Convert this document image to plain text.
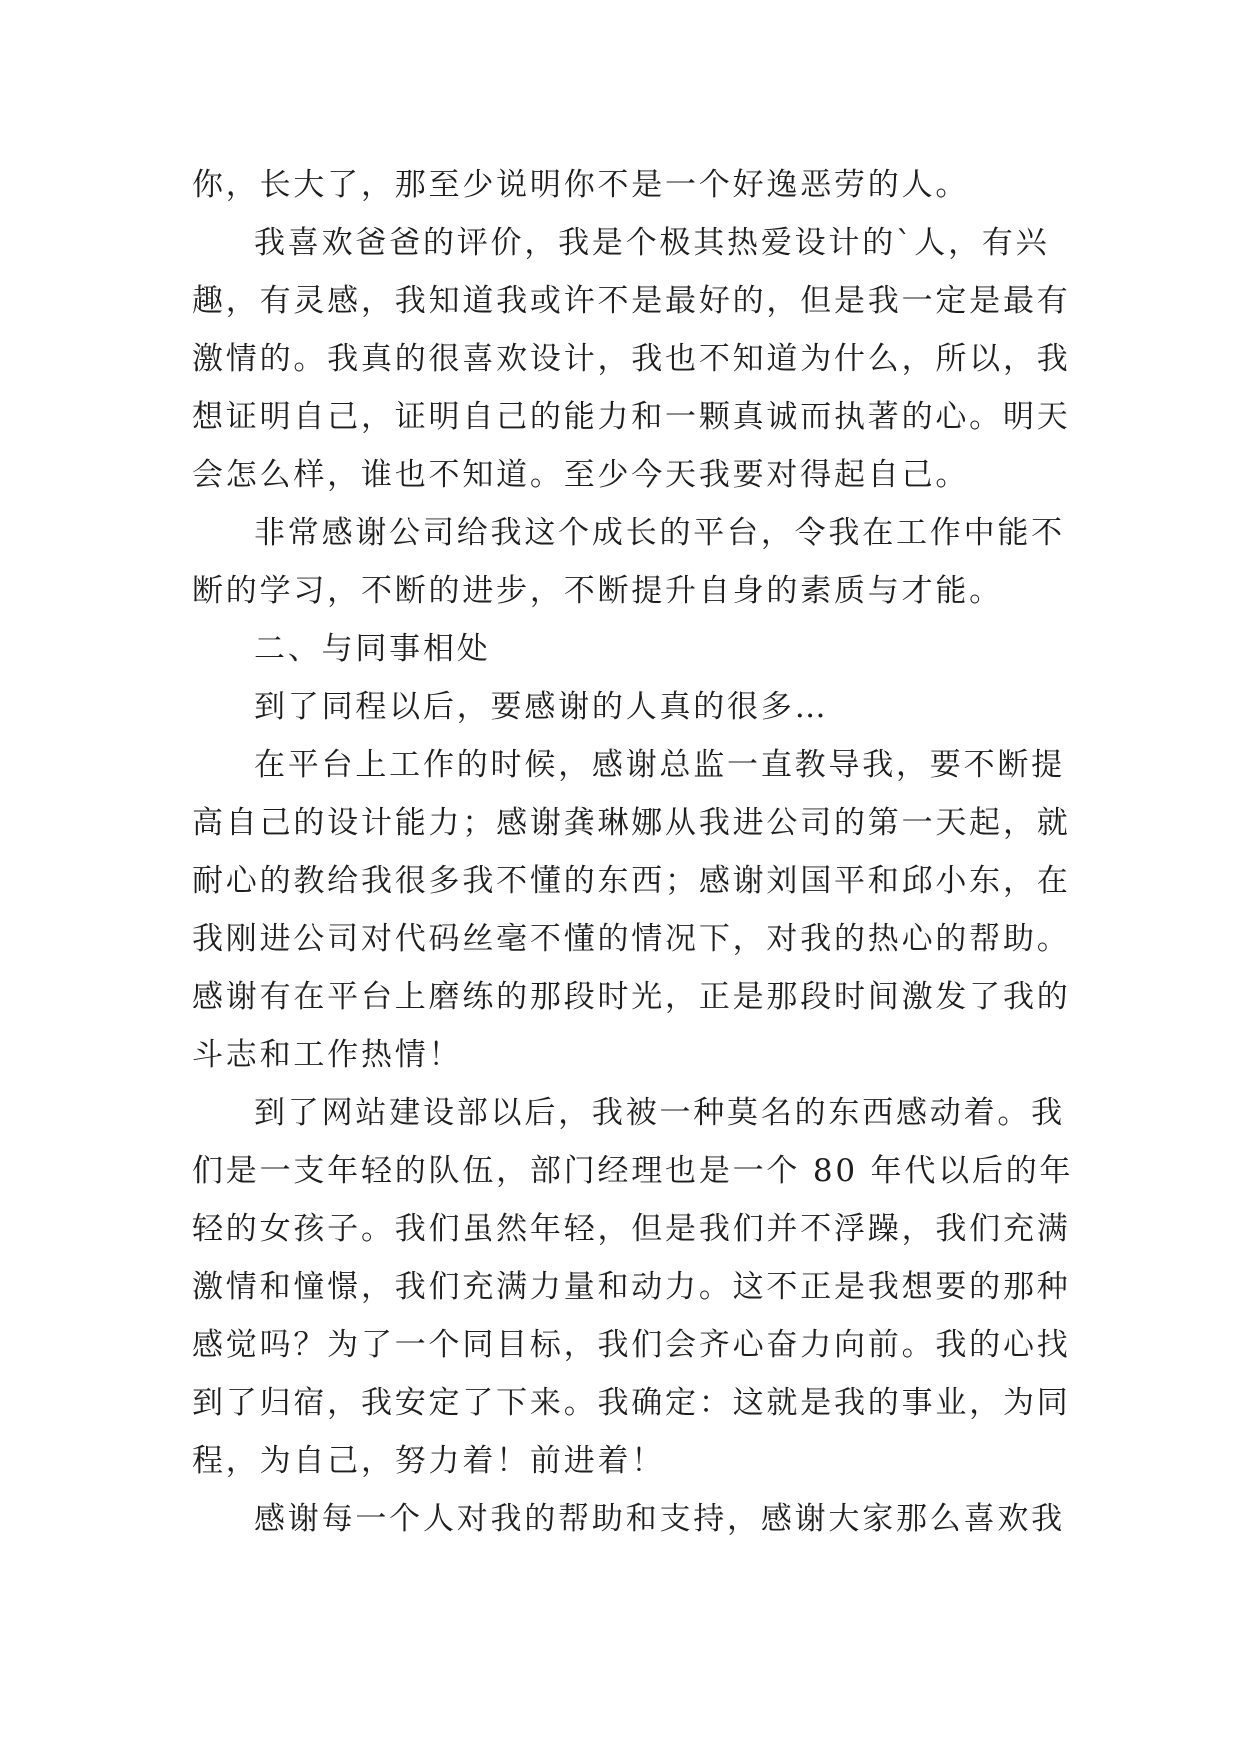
你，长大了，那至少说明你不是一个好逸恶劳的人。

我喜欢爸爸的评价，我是个极其热爱设计的`人，有兴
趣，有灵感，我知道我或许不是最好的，但是我一定是最有
激情的。我真的很喜欢设计，我也不知道为什么，所以，我
想证明自己，证明自己的能力和一颗真诚而执著的心。明天
会怎么样，谁也不知道。至少今天我要对得起自己。

非常感谢公司给我这个成长的平台，令我在工作中能不
断的学习，不断的进步，不断提升自身的素质与才能。

二、与同事相处

到了同程以后，要感谢的人真的很多…

在平台上工作的时候，感谢总监一直教导我，要不断提
高自己的设计能力；感谢龚琳娜从我进公司的第一天起，就
耐心的教给我很多我不懂的东西；感谢刘国平和邱小东，在
我刚进公司对代码丝毫不懂的情况下，对我的热心的帮助。
感谢有在平台上磨练的那段时光，正是那段时间激发了我的
斗志和工作热情！

到了网站建设部以后，我被一种莫名的东西感动着。我
们是一支年轻的队伍，部门经理也是一个 80 年代以后的年
轻的女孩子。我们虽然年轻，但是我们并不浮躁，我们充满
激情和憧憬，我们充满力量和动力。这不正是我想要的那种
感觉吗？为了一个同目标，我们会齐心奋力向前。我的心找
到了归宿，我安定了下来。我确定：这就是我的事业，为同
程，为自己，努力着！前进着！

感谢每一个人对我的帮助和支持，感谢大家那么喜欢我
